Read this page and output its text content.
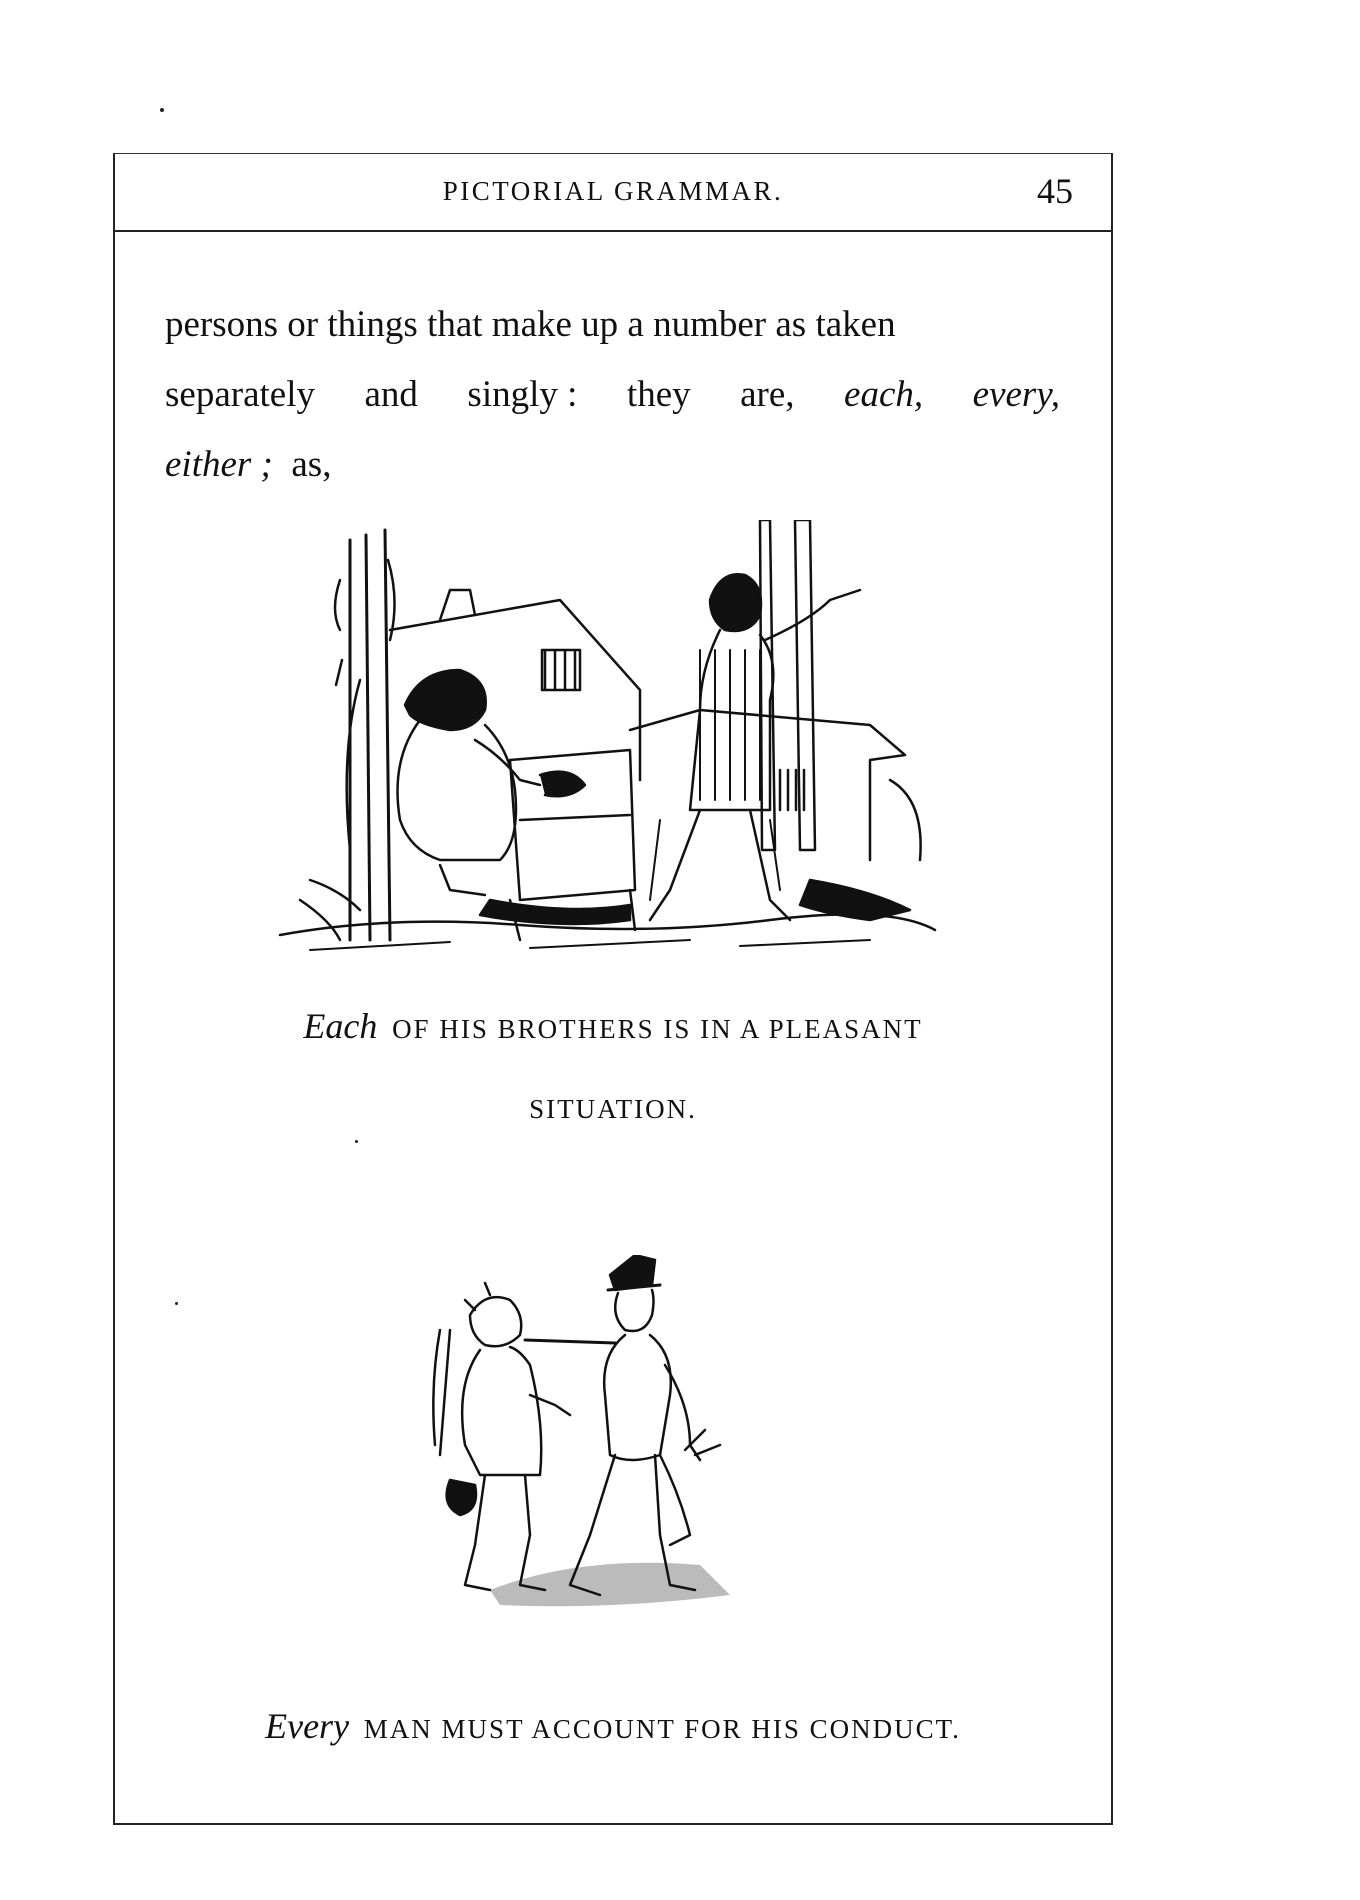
PICTORIAL GRAMMAR.	45
persons or things that make up a number as taken
separately and singly : they are, each, every,
either ; as,
Each OF HIS BROTHERS IS IN A PLEASANT
SITUATION.
Every MAN MUST ACCOUNT FOR HIS CONDUCT.
